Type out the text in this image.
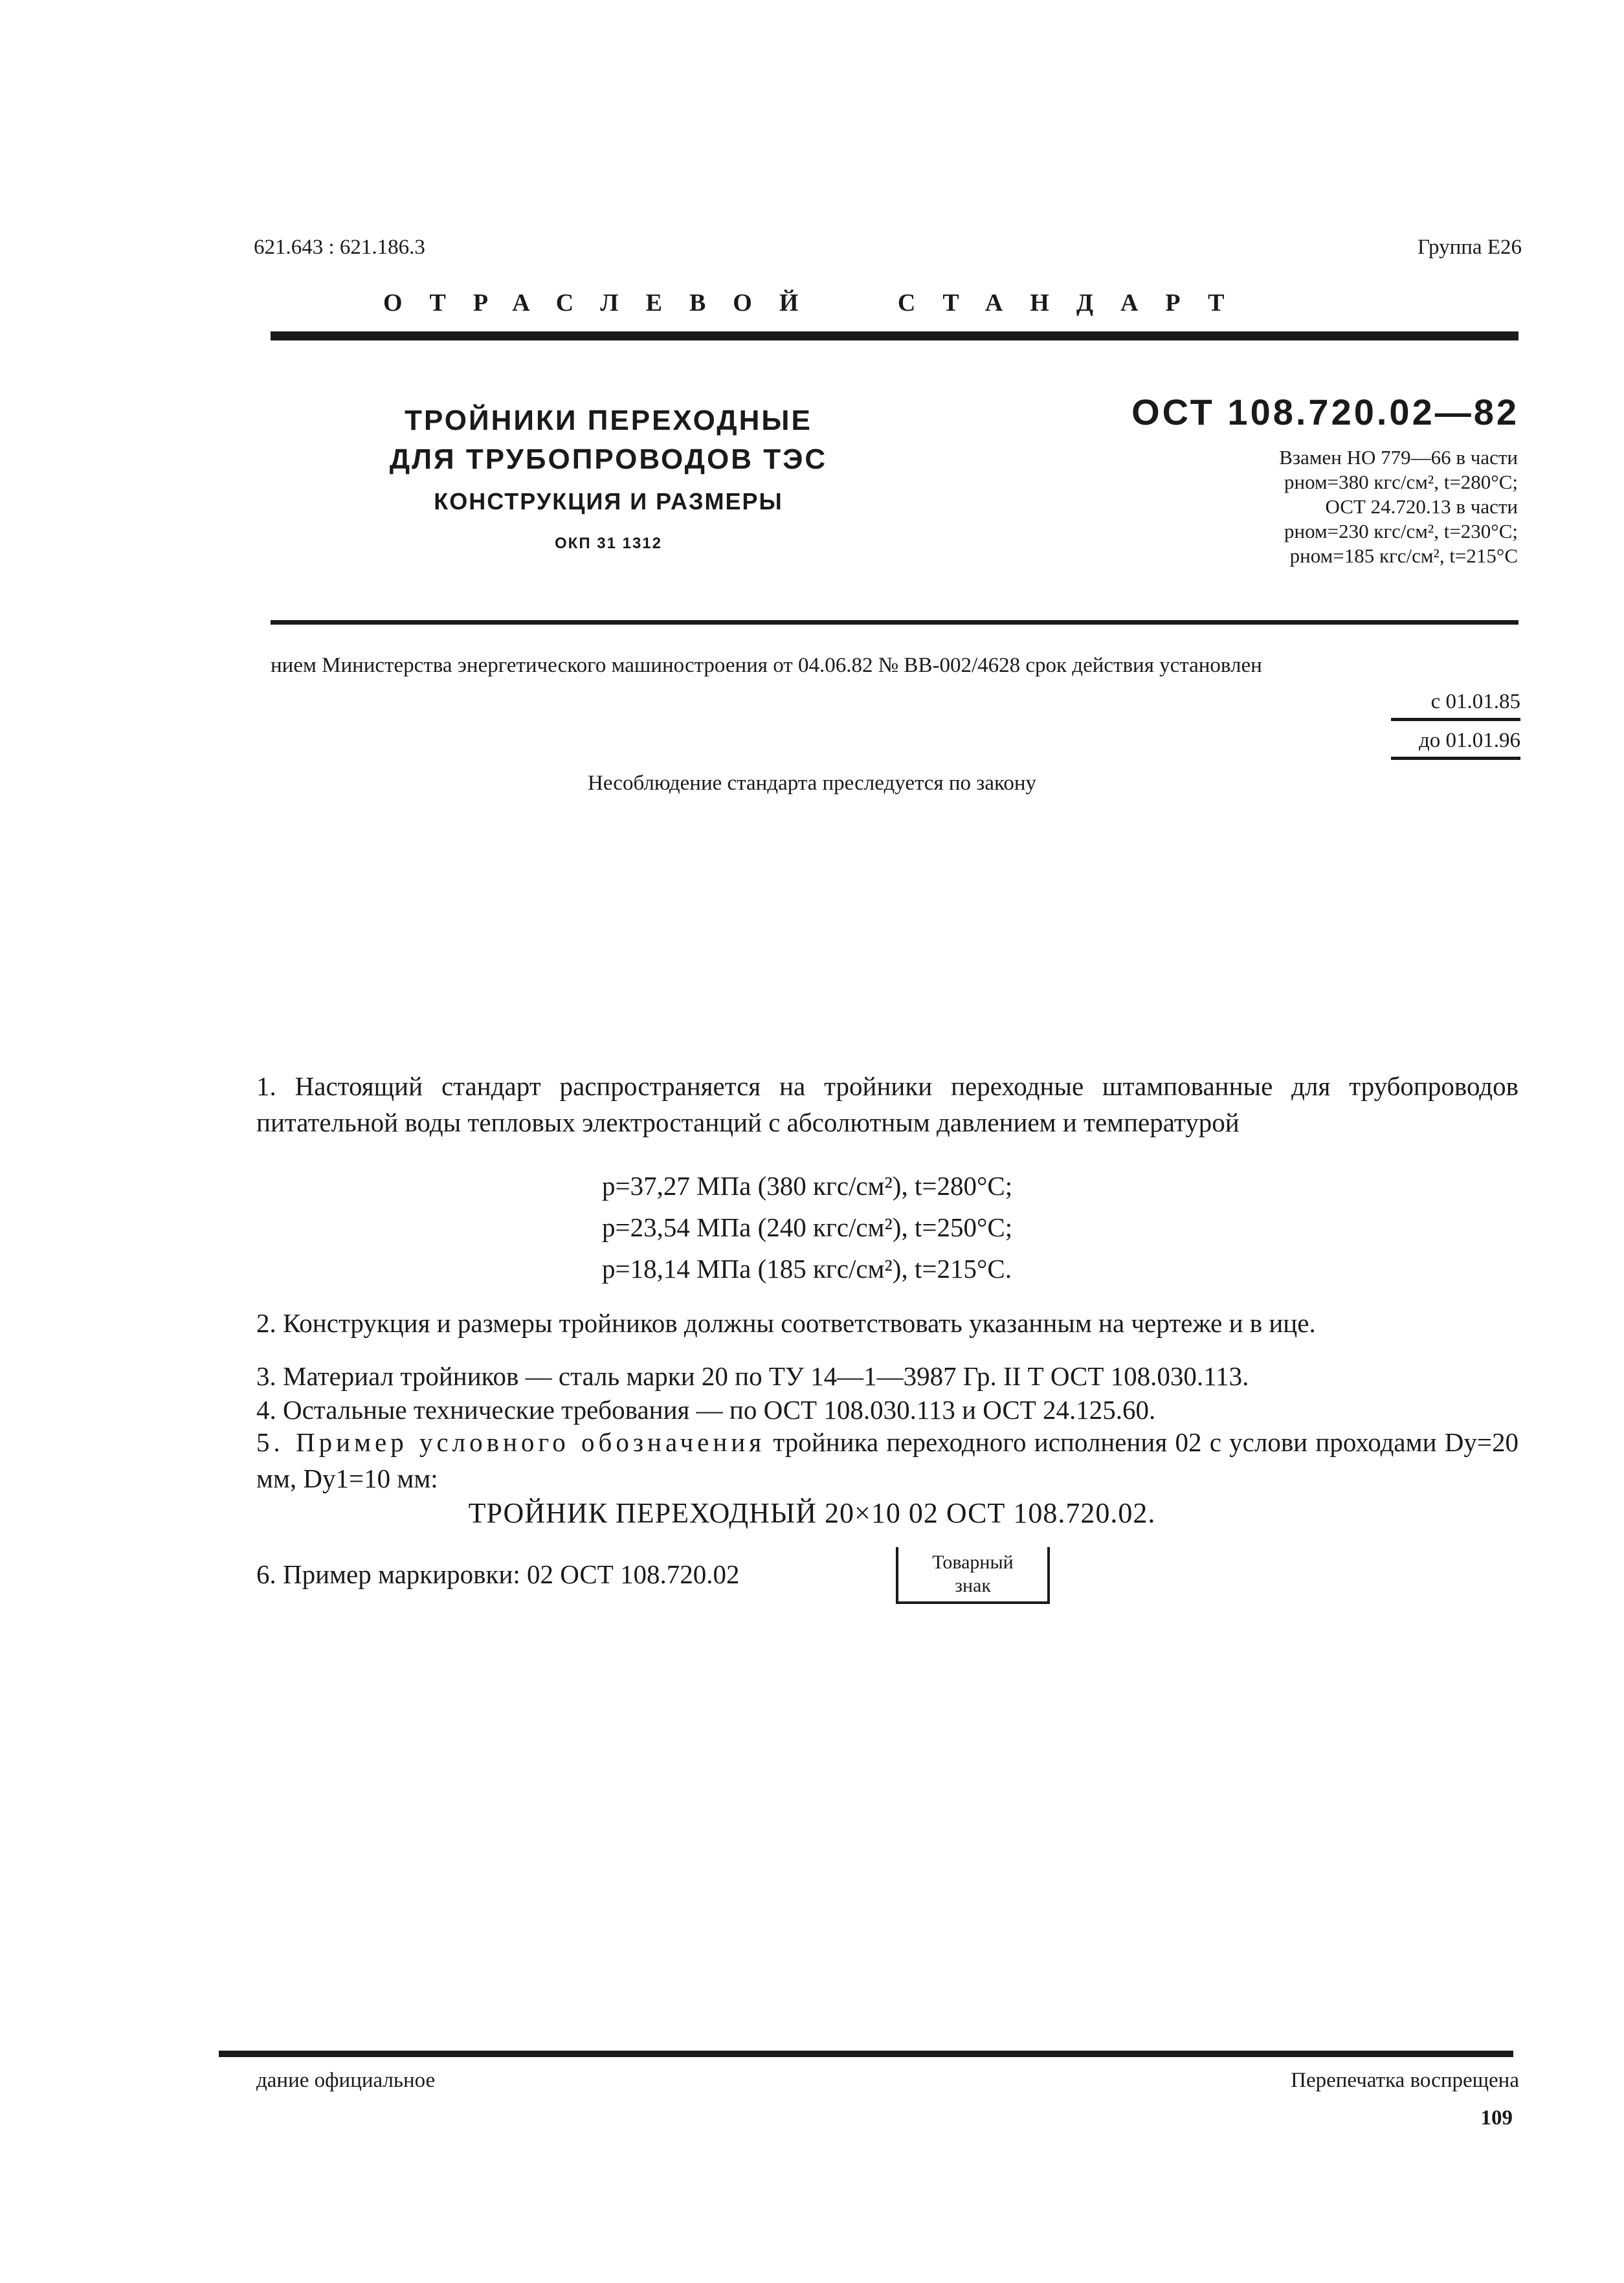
621.643 : 621.186.3	Группа Е26
ОТРАСЛЕВОЙ СТАНДАРТ
ТРОЙНИКИ ПЕРЕХОДНЫЕ
ДЛЯ ТРУБОПРОВОДОВ ТЭС
КОНСТРУКЦИЯ И РАЗМЕРЫ
ОКП 31 1312
ОСТ 108.720.02—82
Взамен НО 779—66 в части
pном=380 кгс/см², t=280°С;
ОСТ 24.720.13 в части
pном=230 кгс/см², t=230°С;
pном=185 кгс/см², t=215°С
нием Министерства энергетического машиностроения от 04.06.82 № ВВ-002/4628 срок действия установлен
с 01.01.85
до 01.01.96
Несоблюдение стандарта преследуется по закону
1. Настоящий стандарт распространяется на тройники переходные штампованные для трубопроводов питательной воды тепловых электростанций с абсолютным давлением и температурой
p=37,27 МПа (380 кгс/см²), t=280°С;
p=23,54 МПа (240 кгс/см²), t=250°С;
p=18,14 МПа (185 кгс/см²), t=215°С.
2. Конструкция и размеры тройников должны соответствовать указанным на чертеже и в ице.
3. Материал тройников — сталь марки 20 по ТУ 14—1—3987 Гр. II Т ОСТ 108.030.113.
4. Остальные технические требования — по ОСТ 108.030.113 и ОСТ 24.125.60.
5. Пример условного обозначения тройника переходного исполнения 02 с услови проходами Dу=20 мм, Dу1=10 мм:
ТРОЙНИК ПЕРЕХОДНЫЙ 20×10 02 ОСТ 108.720.02.
6. Пример маркировки: 02 ОСТ 108.720.02	Товарный
знак
дание официальное	Перепечатка воспрещена
109
